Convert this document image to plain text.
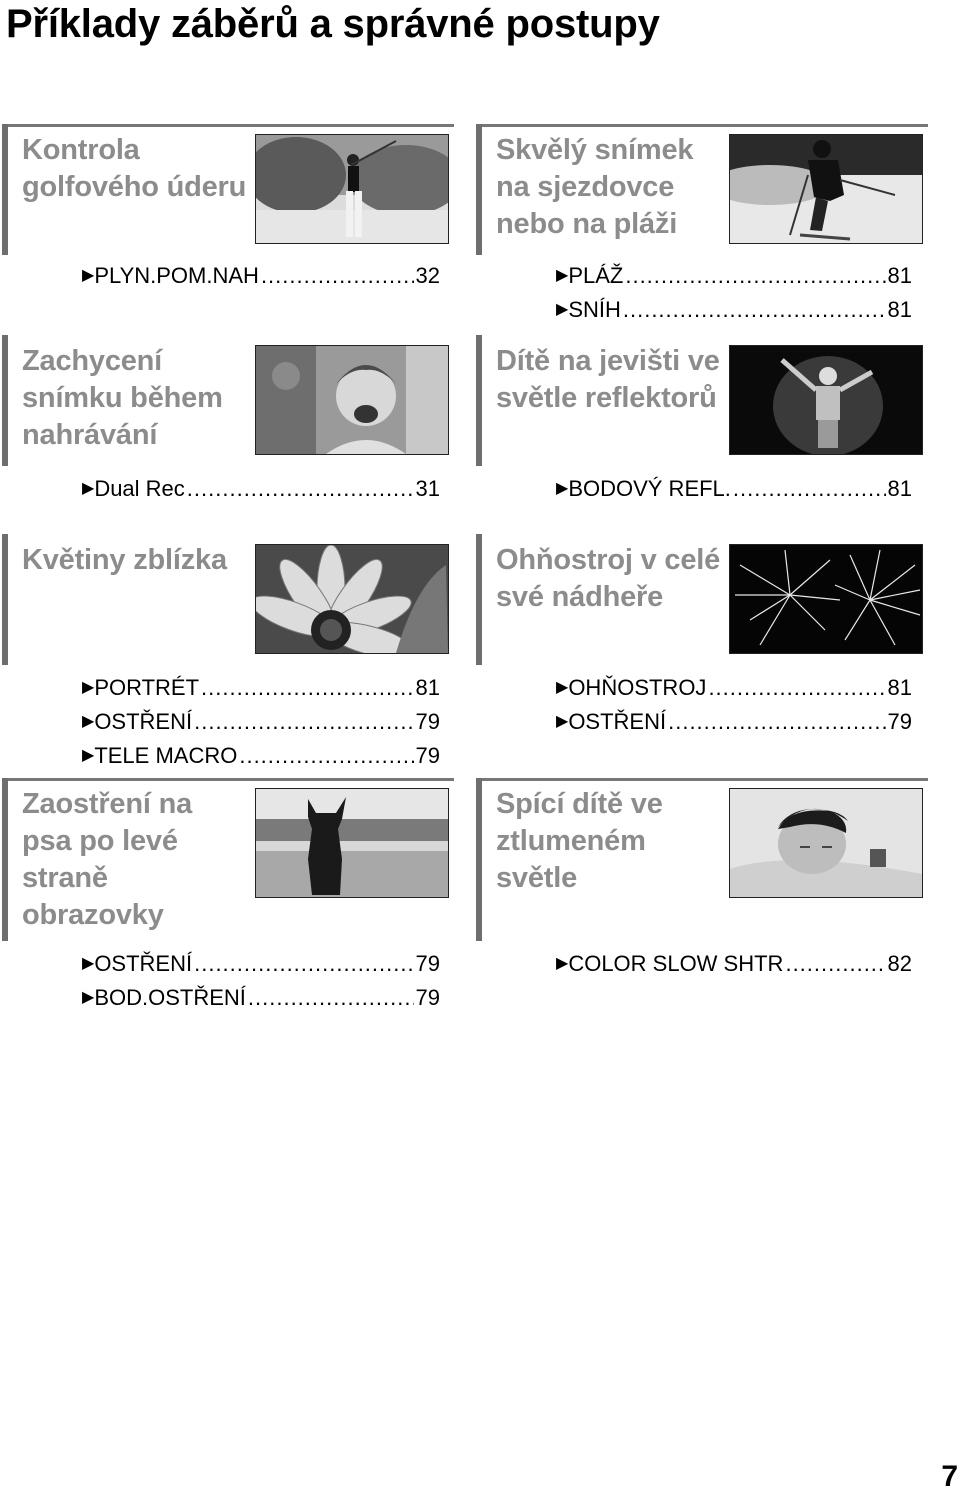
Příklady záběrů a správné postupy
Kontrola golfového úderu
▶ PLYN.POM.NAH .....	32
Skvělý snímek na sjezdovce nebo na pláži
▶ PLÁŽ .....	81
▶ SNÍH .....	81
Zachycení snímku během nahrávání
▶ Dual Rec .....	31
Dítě na jevišti ve světle reflektorů
▶ BODOVÝ REFL. .....	81
Květiny zblízka
▶ PORTRÉT .....	81
▶ OSTŘENÍ .....	79
▶ TELE MACRO .....	79
Ohňostroj v celé své nádheře
▶ OHŇOSTROJ .....	81
▶ OSTŘENÍ .....	79
Zaostření na psa po levé straně obrazovky
▶ OSTŘENÍ .....	79
▶ BOD.OSTŘENÍ .....	79
Spící dítě ve ztlumeném světle
▶ COLOR SLOW SHTR .....	82
7
